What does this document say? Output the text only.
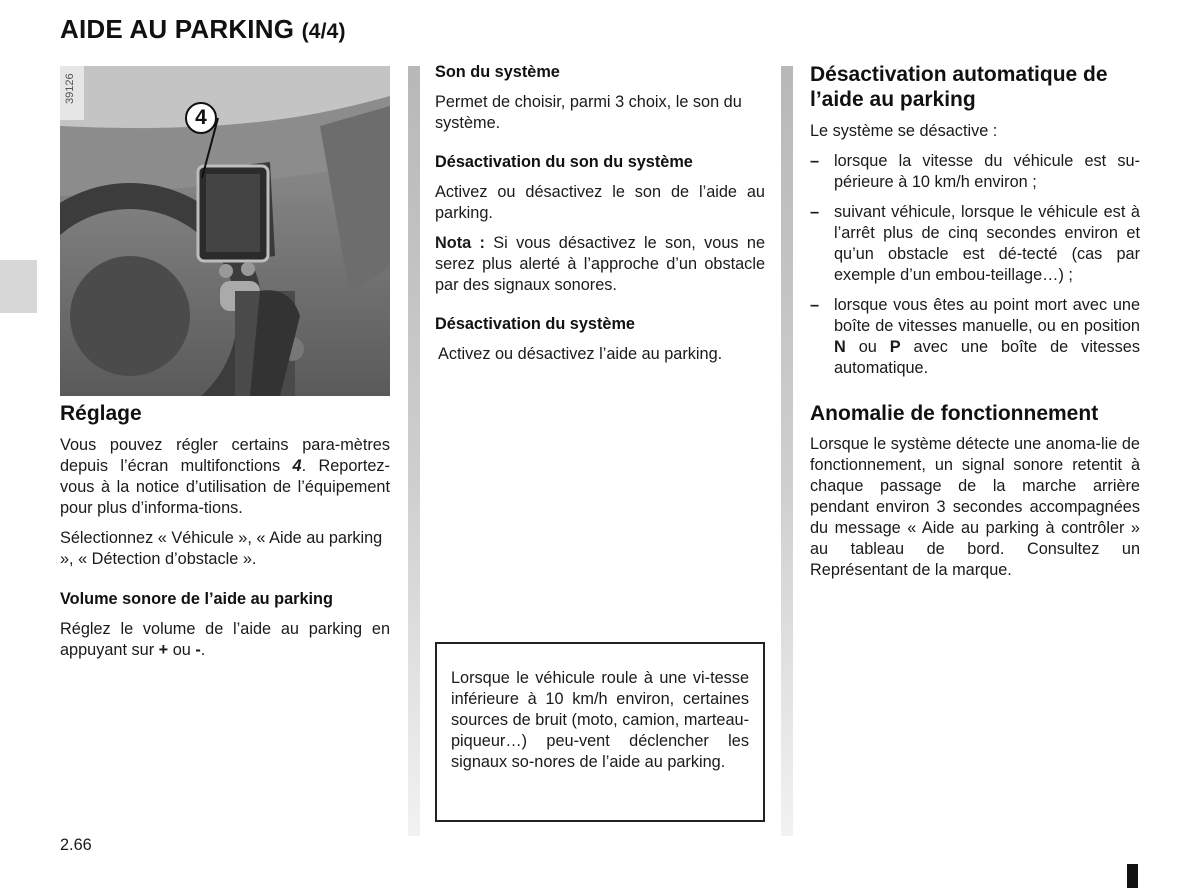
AIDE AU PARKING (4/4)
39126
4

Réglage

Vous pouvez régler certains para-mètres depuis l’écran multifonctions 4. Reportez-vous à la notice d’utilisation de l’équipement pour plus d’informa-tions.

Sélectionnez « Véhicule », « Aide au parking », « Détection d’obstacle ».

Volume sonore de l’aide au parking

Réglez le volume de l’aide au parking en appuyant sur + ou -.

Son du système

Permet de choisir, parmi 3 choix, le son du système.

Désactivation du son du système

Activez ou désactivez le son de l’aide au parking.

Nota : Si vous désactivez le son, vous ne serez plus alerté à l’approche d’un obstacle par des signaux sonores.

Désactivation du système

Activez ou désactivez l’aide au parking.

Lorsque le véhicule roule à une vi-tesse inférieure à 10 km/h environ, certaines sources de bruit (moto, camion, marteau-piqueur…) peu-vent déclencher les signaux so-nores de l’aide au parking.

Désactivation automatique de l’aide au parking

Le système se désactive :

– lorsque la vitesse du véhicule est su-périeure à 10 km/h environ ;
– suivant véhicule, lorsque le véhicule est à l’arrêt plus de cinq secondes environ et qu’un obstacle est dé-tecté (cas par exemple d’un embou-teillage…) ;
– lorsque vous êtes au point mort avec une boîte de vitesses manuelle, ou en position N ou P avec une boîte de vitesses automatique.

Anomalie de fonctionnement

Lorsque le système détecte une anoma-lie de fonctionnement, un signal sonore retentit à chaque passage de la marche arrière pendant environ 3 secondes accompagnées du message « Aide au parking à contrôler » au tableau de bord. Consultez un Représentant de la marque.

2.66
